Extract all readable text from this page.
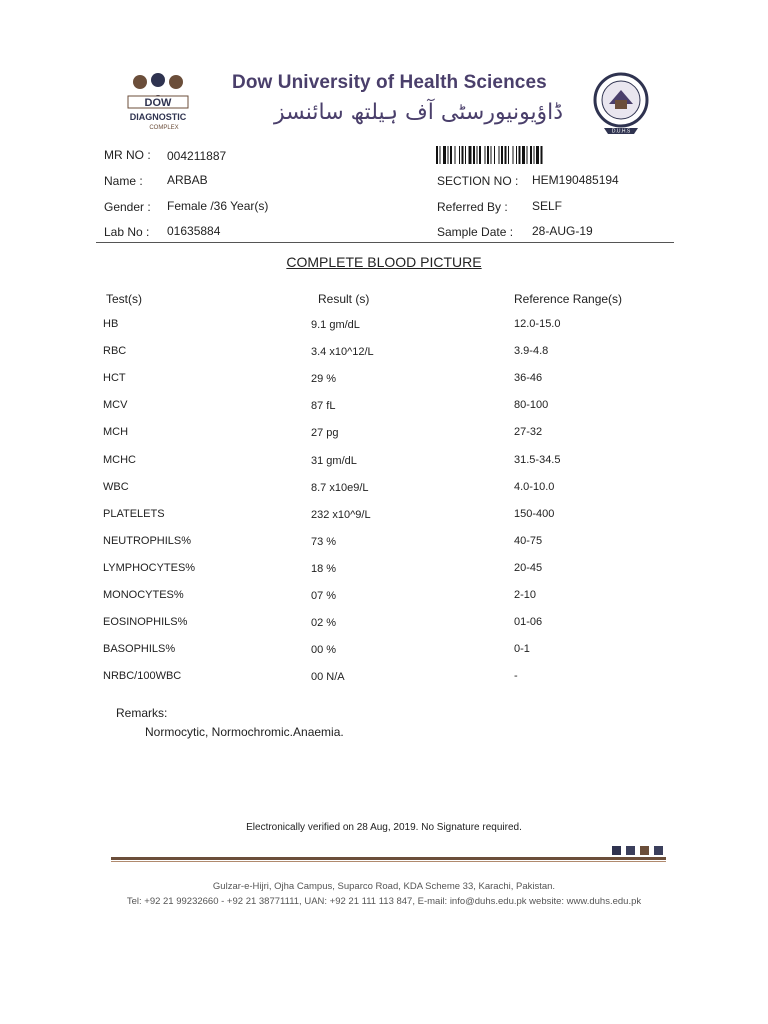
DOW
DIAGNOSTIC
COMPLEX
Dow University of Health Sciences
ڈاؤیونیورسٹی آف ہیلتھ سائنسز
D.U.H.S
MR NO : 004211887
Name : ARBAB
Gender : Female /36 Year(s)
Lab No : 01635884
SECTION NO : HEM190485194
Referred By : SELF
Sample Date : 28-AUG-19
COMPLETE BLOOD PICTURE
Test(s)	Result (s)	Reference Range(s)
HB	9.1 gm/dL	12.0-15.0
RBC	3.4 x10^12/L	3.9-4.8
HCT	29 %	36-46
MCV	87 fL	80-100
MCH	27 pg	27-32
MCHC	31 gm/dL	31.5-34.5
WBC	8.7 x10e9/L	4.0-10.0
PLATELETS	232 x10^9/L	150-400
NEUTROPHILS%	73 %	40-75
LYMPHOCYTES%	18 %	20-45
MONOCYTES%	07 %	2-10
EOSINOPHILS%	02 %	01-06
BASOPHILS%	00 %	0-1
NRBC/100WBC	00 N/A	-
Remarks:
Normocytic, Normochromic.Anaemia.
Electronically verified on 28 Aug, 2019. No Signature required.
Gulzar-e-Hijri, Ojha Campus, Suparco Road, KDA Scheme 33, Karachi, Pakistan.
Tel: +92 21 99232660 - +92 21 38771111, UAN: +92 21 111 113 847, E-mail: info@duhs.edu.pk website: www.duhs.edu.pk
